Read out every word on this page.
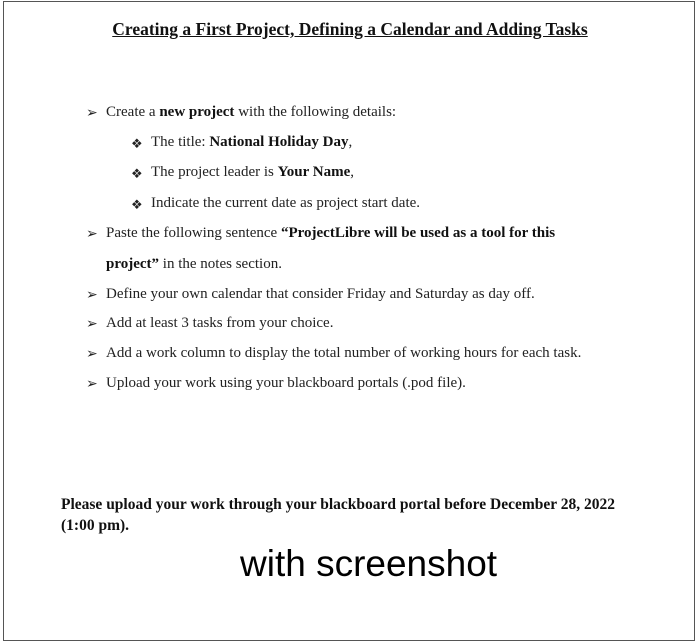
Creating a First Project, Defining a Calendar and Adding Tasks
➢ Create a new project with the following details:
❖ The title: National Holiday Day,
❖ The project leader is Your Name,
❖ Indicate the current date as project start date.
➢ Paste the following sentence “ProjectLibre will be used as a tool for this
project” in the notes section.
➢ Define your own calendar that consider Friday and Saturday as day off.
➢ Add at least 3 tasks from your choice.
➢ Add a work column to display the total number of working hours for each task.
➢ Upload your work using your blackboard portals (.pod file).
Please upload your work through your blackboard portal before December 28, 2022 (1:00 pm).
with screenshot
